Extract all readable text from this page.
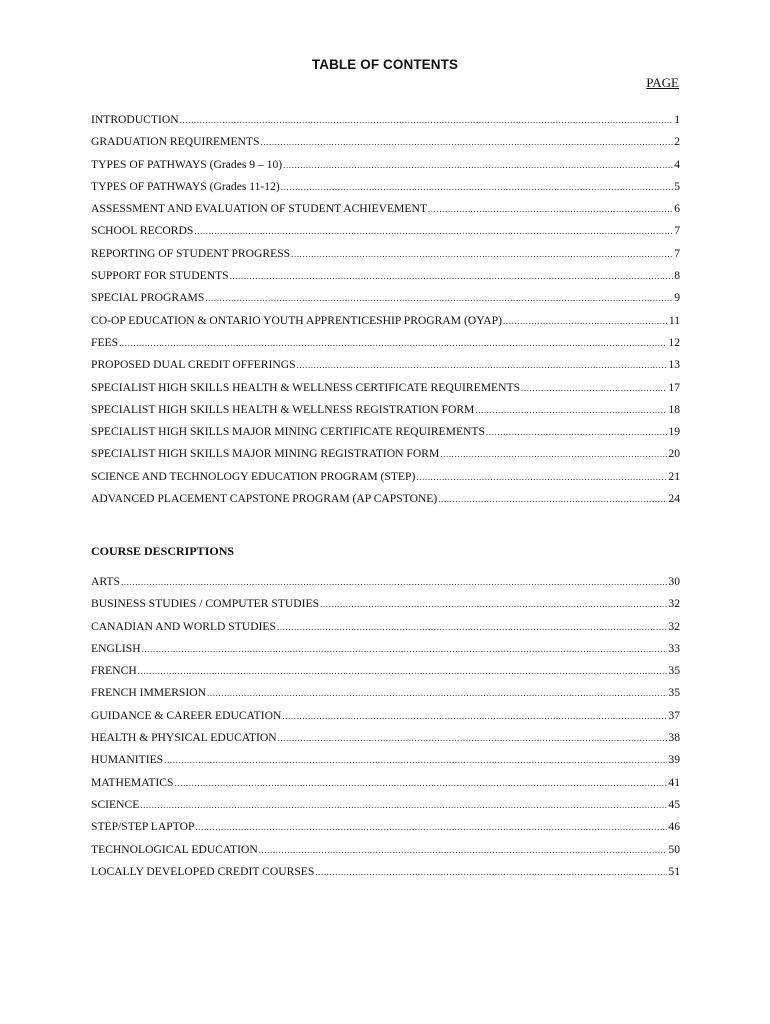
TABLE OF CONTENTS
PAGE
INTRODUCTION .....	1
GRADUATION REQUIREMENTS .....	2
TYPES OF PATHWAYS (Grades 9 – 10) .....	4
TYPES OF PATHWAYS (Grades 11-12) .....	5
ASSESSMENT AND EVALUATION OF STUDENT ACHIEVEMENT .....	6
SCHOOL RECORDS .....	7
REPORTING OF STUDENT PROGRESS .....	7
SUPPORT FOR STUDENTS .....	8
SPECIAL PROGRAMS .....	9
CO-OP EDUCATION & ONTARIO YOUTH APPRENTICESHIP PROGRAM (OYAP) .....	11
FEES .....	12
PROPOSED DUAL CREDIT OFFERINGS .....	13
SPECIALIST HIGH SKILLS HEALTH & WELLNESS CERTIFICATE REQUIREMENTS .....	17
SPECIALIST HIGH SKILLS HEALTH & WELLNESS REGISTRATION FORM .....	18
SPECIALIST HIGH SKILLS MAJOR MINING CERTIFICATE REQUIREMENTS .....	19
SPECIALIST HIGH SKILLS MAJOR MINING REGISTRATION FORM .....	20
SCIENCE AND TECHNOLOGY EDUCATION PROGRAM (STEP) .....	21
ADVANCED PLACEMENT CAPSTONE PROGRAM (AP CAPSTONE) .....	24
COURSE DESCRIPTIONS
ARTS .....	30
BUSINESS STUDIES / COMPUTER STUDIES .....	32
CANADIAN AND WORLD STUDIES .....	32
ENGLISH .....	33
FRENCH .....	35
FRENCH IMMERSION .....	35
GUIDANCE & CAREER EDUCATION .....	37
HEALTH & PHYSICAL EDUCATION .....	38
HUMANITIES .....	39
MATHEMATICS .....	41
SCIENCE .....	45
STEP/STEP LAPTOP .....	46
TECHNOLOGICAL EDUCATION .....	50
LOCALLY DEVELOPED CREDIT COURSES .....	51
